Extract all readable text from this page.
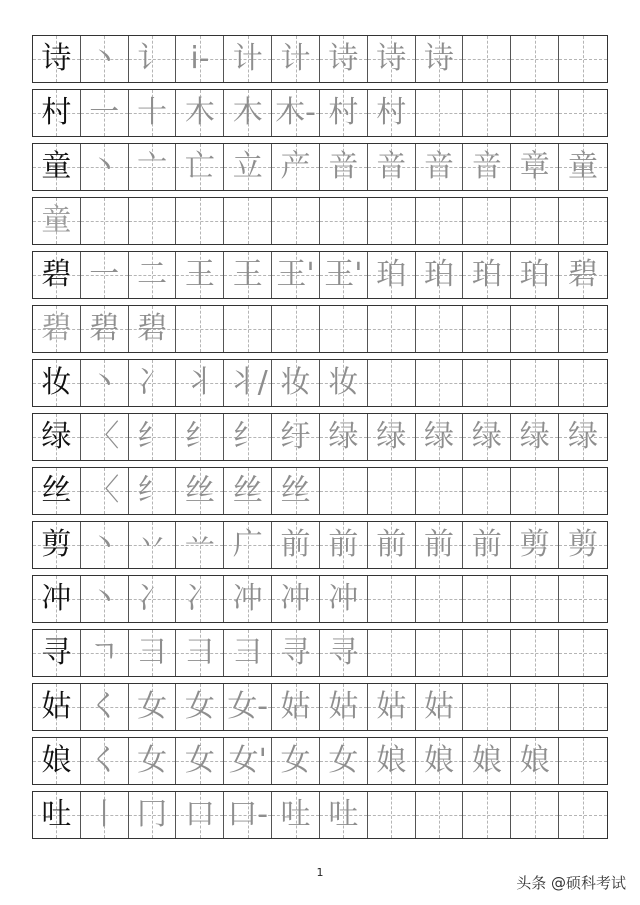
诗 丶 讠 i- 计 计 诗 诗 诗
村 一 十 木 木 木- 村 村
童 丶 亠 亡 立 产 音 音 音 音 章 童
童
碧 一 二 王 王 王' 王' 珀 珀 珀 珀 碧
碧 碧 碧
妆 丶 冫 丬 丬/ 妆 妆
绿 〈 纟 纟 纟 纡 绿 绿 绿 绿 绿 绿
丝 〈 纟 丝 丝 丝
剪 丶 丷 䒑 广 前 前 前 前 前 剪 剪
冲 丶 冫 冫 冲 冲 冲
寻 ㄱ 彐 彐 彐 寻 寻
姑 く 女 女 女- 姑 姑 姑 姑
娘 く 女 女 女' 女 女 娘 娘 娘 娘
吐 丨 冂 口 口- 吐 吐
1
头条 @硕科考试
